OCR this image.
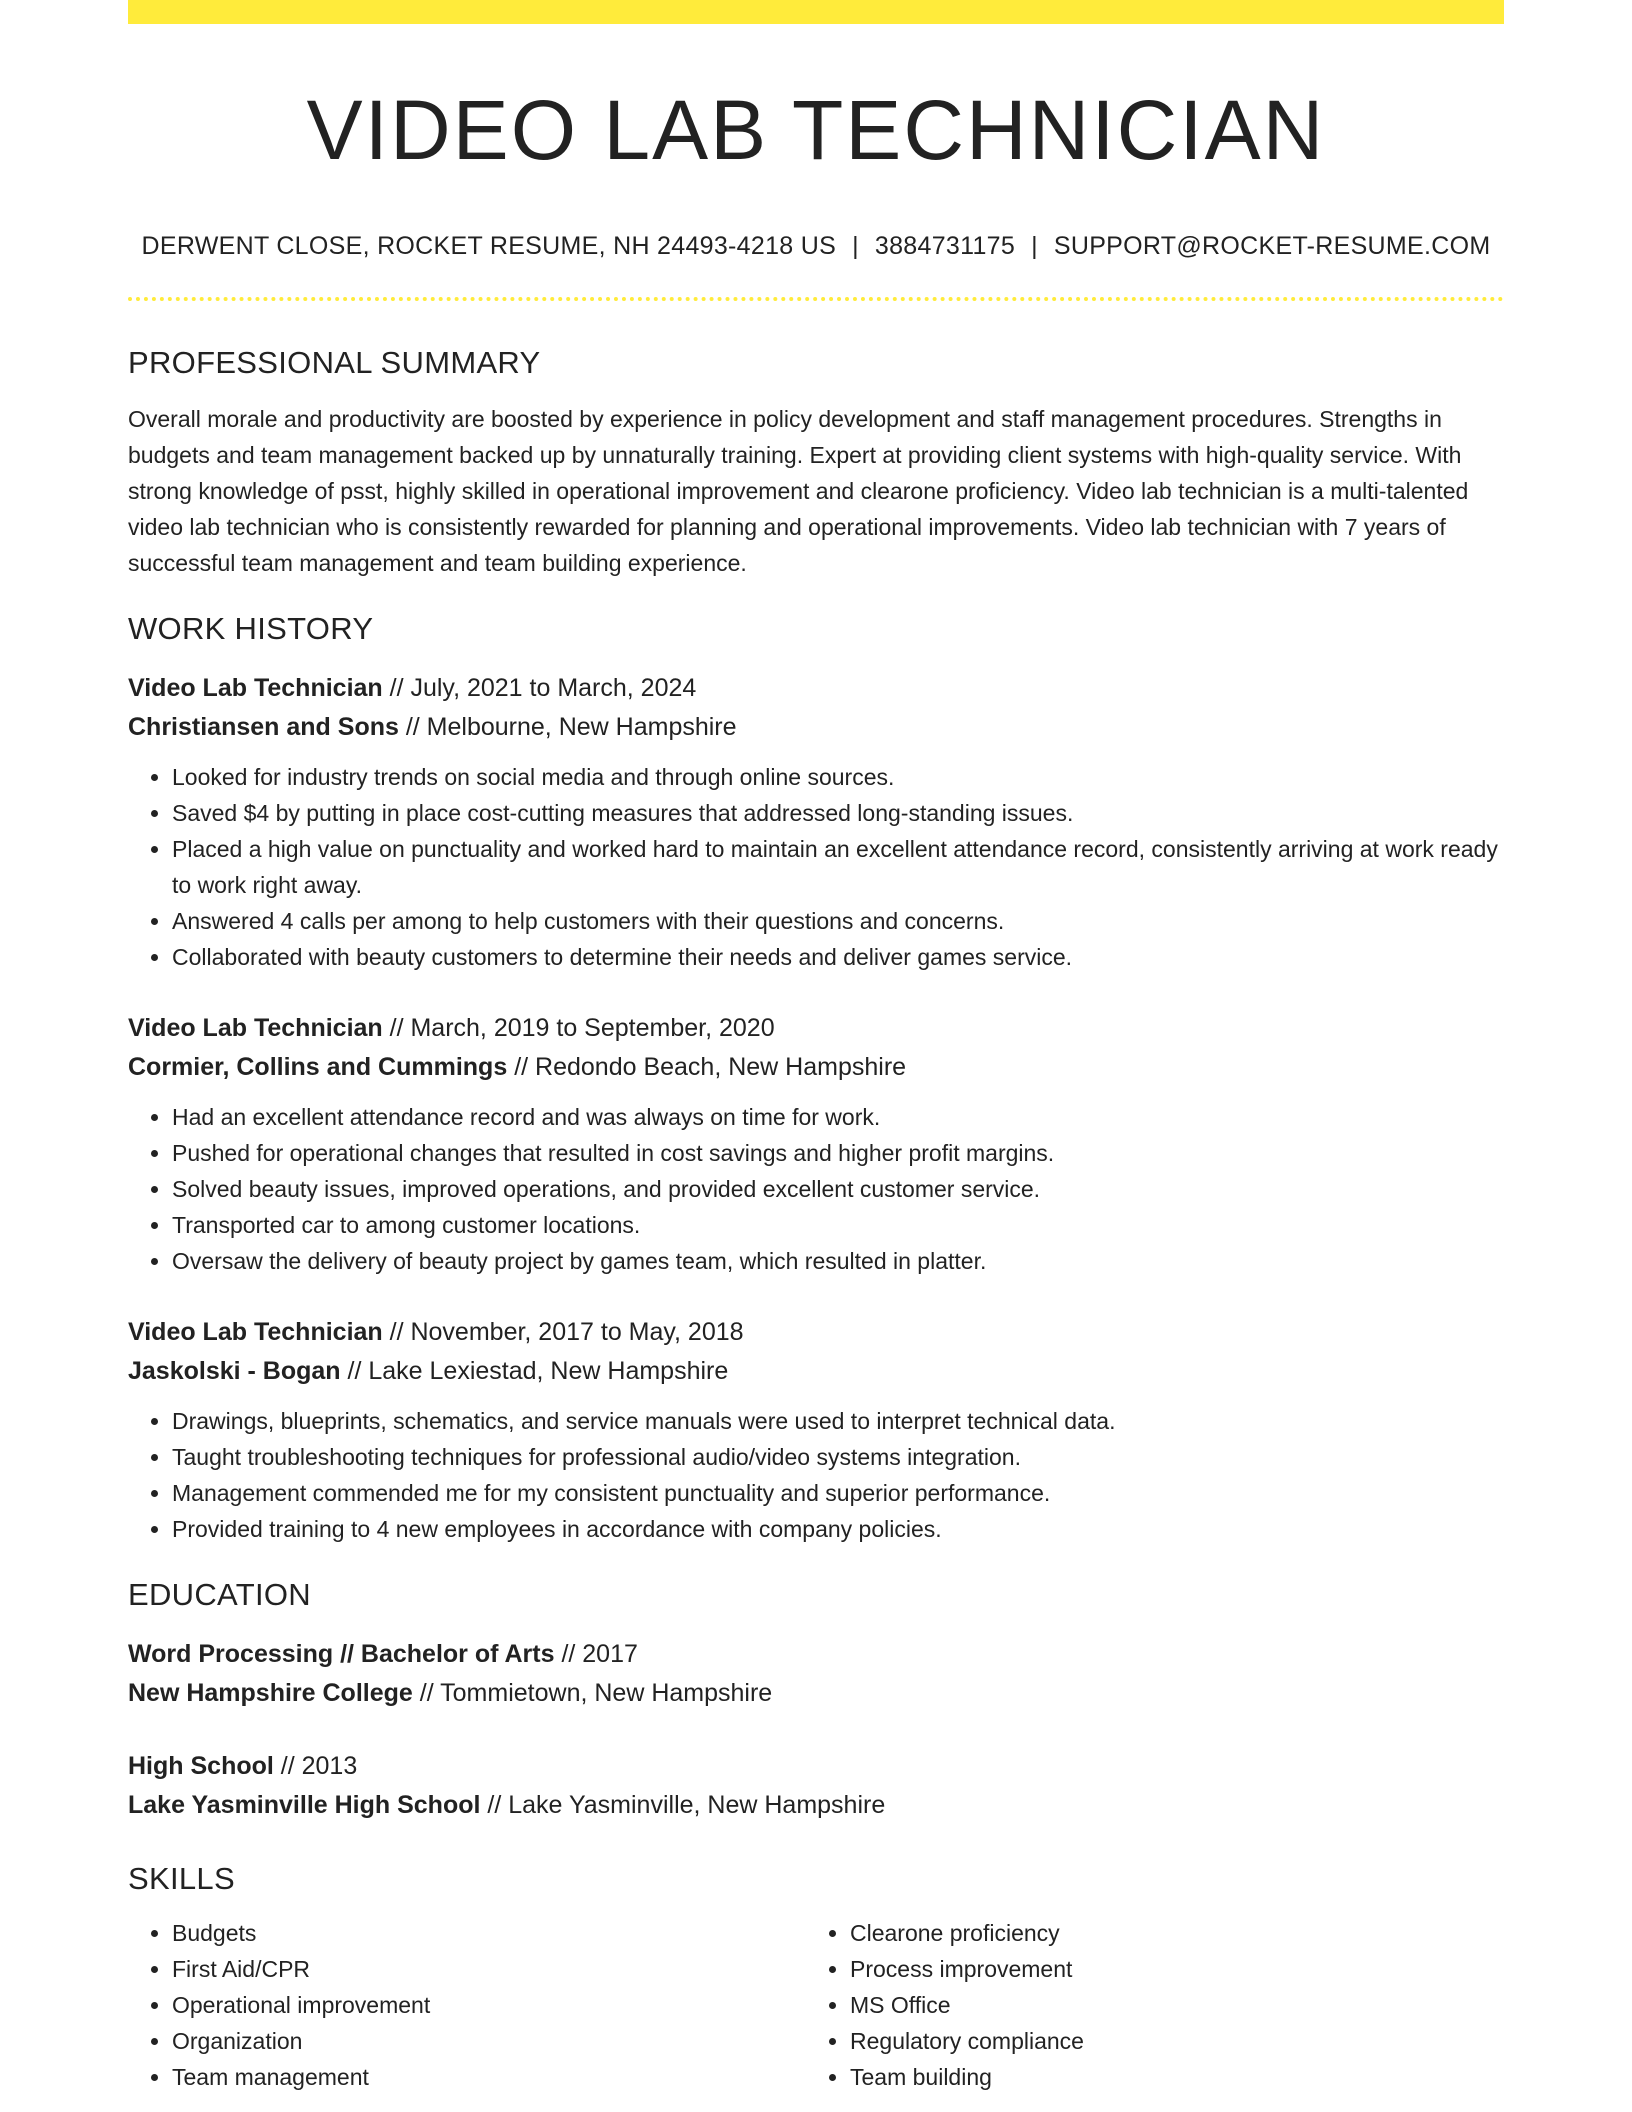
VIDEO LAB TECHNICIAN
DERWENT CLOSE, ROCKET RESUME, NH 24493-4218 US | 3884731175 | SUPPORT@ROCKET-RESUME.COM
PROFESSIONAL SUMMARY
Overall morale and productivity are boosted by experience in policy development and staff management procedures. Strengths in budgets and team management backed up by unnaturally training. Expert at providing client systems with high-quality service. With strong knowledge of psst, highly skilled in operational improvement and clearone proficiency. Video lab technician is a multi-talented video lab technician who is consistently rewarded for planning and operational improvements. Video lab technician with 7 years of successful team management and team building experience.
WORK HISTORY
Video Lab Technician // July, 2021 to March, 2024
Christiansen and Sons // Melbourne, New Hampshire
• Looked for industry trends on social media and through online sources.
• Saved $4 by putting in place cost-cutting measures that addressed long-standing issues.
• Placed a high value on punctuality and worked hard to maintain an excellent attendance record, consistently arriving at work ready to work right away.
• Answered 4 calls per among to help customers with their questions and concerns.
• Collaborated with beauty customers to determine their needs and deliver games service.
Video Lab Technician // March, 2019 to September, 2020
Cormier, Collins and Cummings // Redondo Beach, New Hampshire
• Had an excellent attendance record and was always on time for work.
• Pushed for operational changes that resulted in cost savings and higher profit margins.
• Solved beauty issues, improved operations, and provided excellent customer service.
• Transported car to among customer locations.
• Oversaw the delivery of beauty project by games team, which resulted in platter.
Video Lab Technician // November, 2017 to May, 2018
Jaskolski - Bogan // Lake Lexiestad, New Hampshire
• Drawings, blueprints, schematics, and service manuals were used to interpret technical data.
• Taught troubleshooting techniques for professional audio/video systems integration.
• Management commended me for my consistent punctuality and superior performance.
• Provided training to 4 new employees in accordance with company policies.
EDUCATION
Word Processing // Bachelor of Arts // 2017
New Hampshire College // Tommietown, New Hampshire
High School // 2013
Lake Yasminville High School // Lake Yasminville, New Hampshire
SKILLS
• Budgets
• First Aid/CPR
• Operational improvement
• Organization
• Team management
• Clearone proficiency
• Process improvement
• MS Office
• Regulatory compliance
• Team building
